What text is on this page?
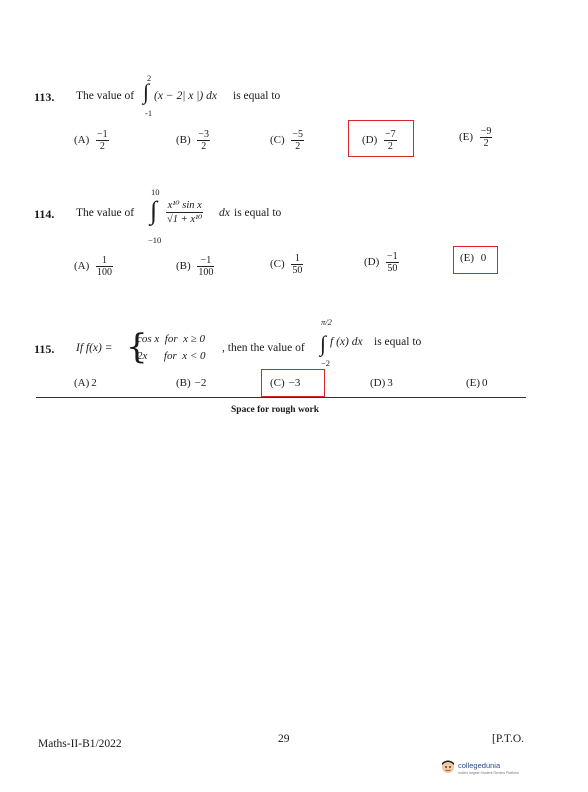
113. The value of
2
∫
-1
(x − 2| x |) dx is equal to
$(A) \frac{-1}{2}$	$(B) \frac{-3}{2}$	$(C) \frac{-5}{2}$	$(D) \frac{-7}{2}$	$(E) \frac{-9}{2}$
114. The value of
10
∫
−10
$\frac{\text{x¹⁰ sin x}}{\text{√1 + x¹⁰}}$ dx is equal to
$(A) \frac{1}{100}$	$(B) \frac{-1}{100}$	$(C) \frac{1}{50}$	$(D) \frac{-1}{50}$	(E) 0
115. If f(x) = {
cos x  for  x ≥ 0
2x      for  x < 0
, then the value of
π/2
∫
−2
f (x) dx is equal to
(A) 2	(B) −2	(C) −3	(D) 3	(E) 0
Space for rough work
Maths-II-B1/2022	29	[P.T.O.
collegedunia
India's largest Student Review Platform
